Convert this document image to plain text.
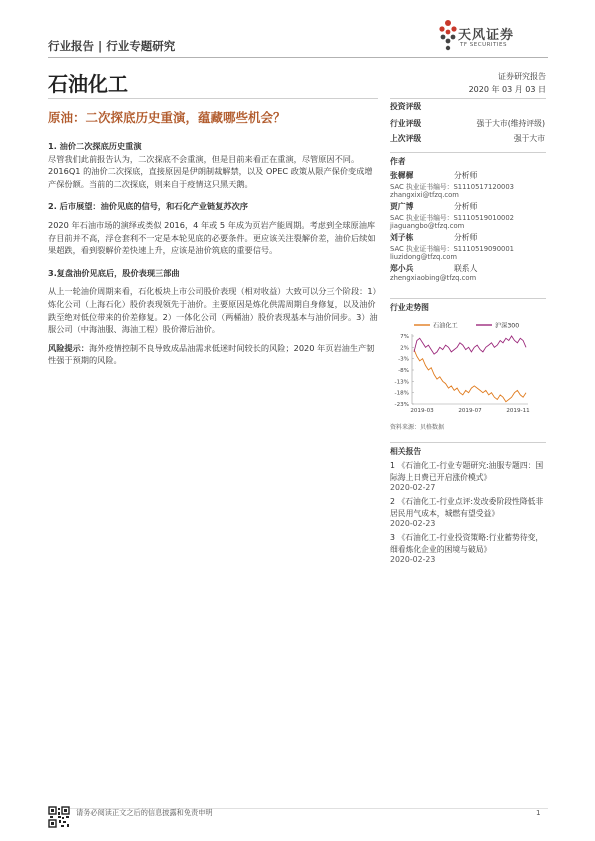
行业报告 | 行业专题研究
天风证券
TF SECURITIES
石油化工	证券研究报告
2020 年 03 月 03 日
原油：二次探底历史重演，蕴藏哪些机会？
1. 油价二次探底历史重演

尽管我们此前报告认为，二次探底不会重演，但是目前来看正在重演，尽管原因不同。2016Q1 的油价二次探底，直接原因是伊朗制裁解禁，以及 OPEC 政策从限产保价变成增产保份额。当前的二次探底，则来自于疫情这只黑天鹅。

2. 后市展望：油价见底的信号，和石化产业链复苏次序

2020 年石油市场的演绎或类似 2016，4 年或 5 年成为页岩产能周期。考虑到全球原油库存目前并不高，浮仓套利不一定是本轮见底的必要条件。更应该关注裂解价差，油价后续如果超跌，看到裂解价差快速上升，应该是油价筑底的重要信号。

3.复盘油价见底后，股价表现三部曲

从上一轮油价周期来看，石化板块上市公司股价表现（相对收益）大致可以分三个阶段：1）炼化公司（上海石化）股价表现领先于油价。主要原因是炼化供需周期自身修复，以及油价跌至绝对低位带来的价差修复。2）一体化公司（两桶油）股价表现基本与油价同步。3）油服公司（中海油服、海油工程）股价滞后油价。

风险提示：海外疫情控制不良导致成品油需求低迷时间较长的风险；2020 年页岩油生产韧性强于预期的风险。

投资评级
行业评级	强于大市(维持评级)
上次评级	强于大市
作者
张樨樨	分析师
SAC 执业证书编号：S1110517120003
zhangxixi@tfzq.com
贾广博	分析师
SAC 执业证书编号：S1110519010002
jiaguangbo@tfzq.com
刘子栋	分析师
SAC 执业证书编号：S1110519090001
liuzidong@tfzq.com
郑小兵	联系人
zhengxiaobing@tfzq.com
行业走势图
石油化工	沪深300
7%
2%
-3%
-8%
-13%
-18%
-23%
2019-03	2019-07	2019-11
资料来源：贝格数据
相关报告
1 《石油化工-行业专题研究:油服专题四：国际海上日费已开启涨价模式》
2020-02-27
2 《石油化工-行业点评:发改委阶段性降低非居民用气成本，城燃有望受益》
2020-02-23
3 《石油化工-行业投资策略:行业蓄势待变，细看炼化企业的困境与破局》
2020-02-23
请务必阅读正文之后的信息披露和免责申明	1
